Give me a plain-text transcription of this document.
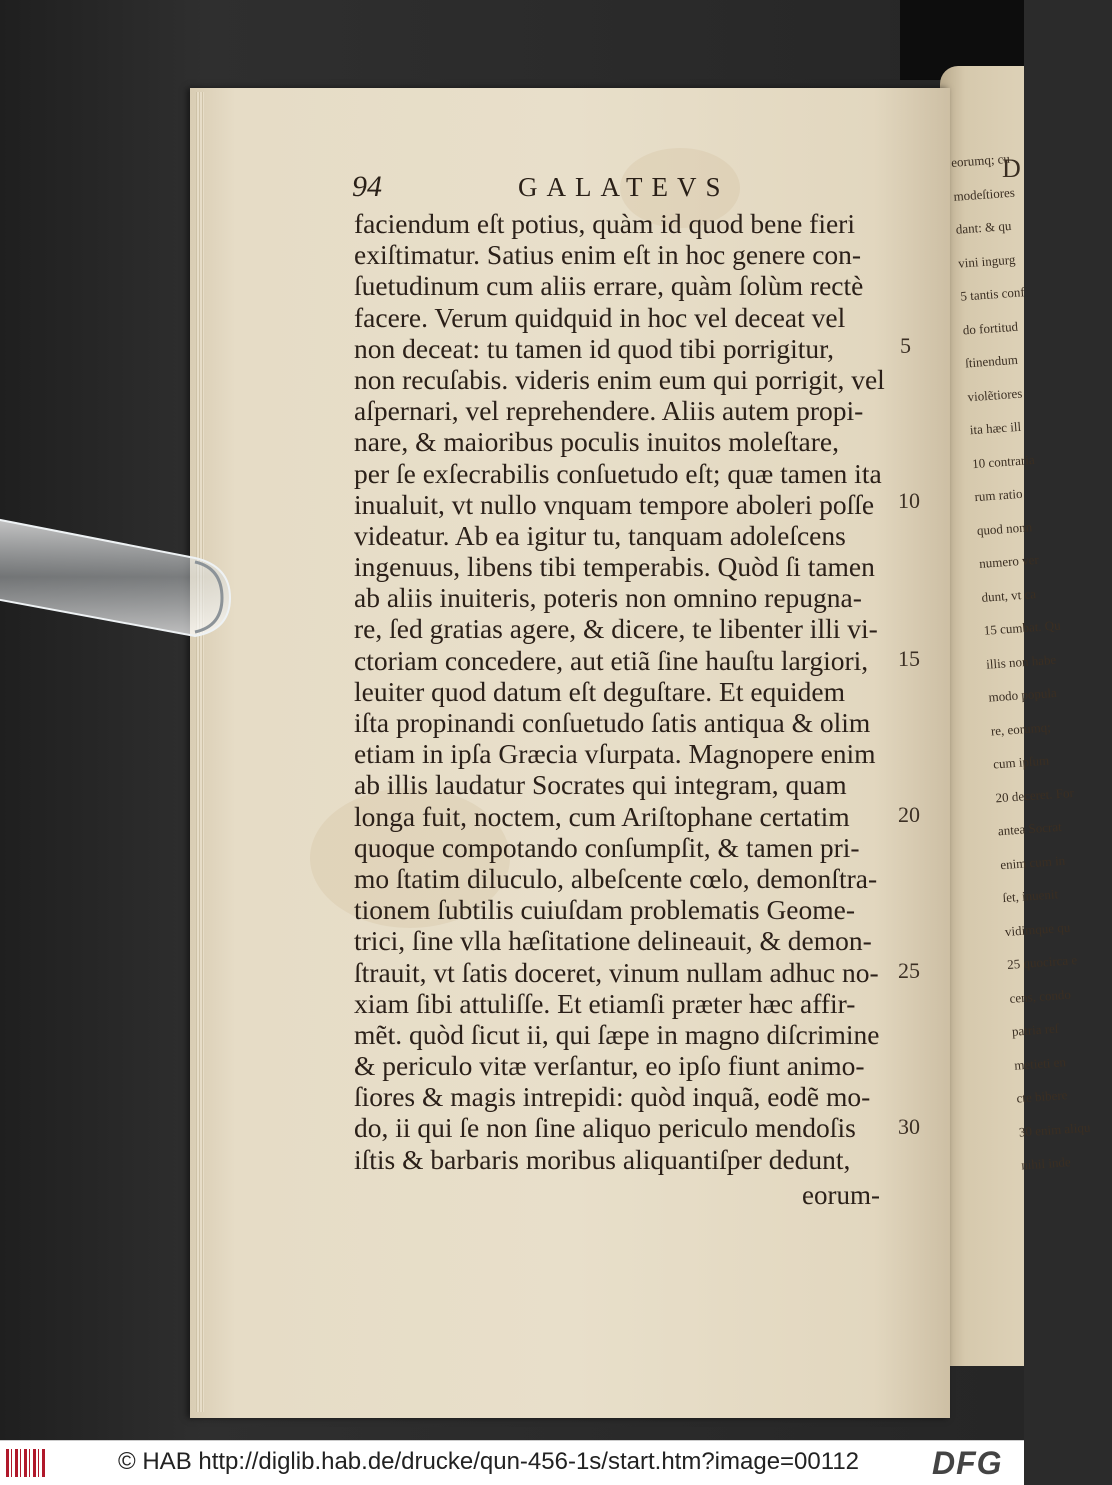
D
eorumq; cu
modeſtiores
dant: & qu
vini ingurg
5 tantis conf
do fortitud
ſtinendum
violẽtiores
ita hæc ill
10 contraria
rum ratio
quod nonn
numero ver
dunt, vt ca
15 cumbat. Qu
illis non habe
modo popula
re, eorumq;
cum ipſum
20 deceret. For
antea Socrat
enim cum in
ſet, inuenit
vidimque qu
25 quocirca e
cens, condo
patria reſ
metieti en
cte bibere
30 enim aliqu
nihil inde
94	GALATEVS
faciendum eſt potius, quàm id quod bene fieri
exiſtimatur. Satius enim eſt in hoc genere con-
ſuetudinum cum aliis errare, quàm ſolùm rectè
facere. Verum quidquid in hoc vel deceat vel
non deceat: tu tamen id quod tibi porrigitur,
non recuſabis. videris enim eum qui porrigit, vel
aſpernari, vel reprehendere. Aliis autem propi-
nare, & maioribus poculis inuitos moleſtare,
per ſe exſecrabilis conſuetudo eſt; quæ tamen ita
inualuit, vt nullo vnquam tempore aboleri poſſe
videatur. Ab ea igitur tu, tanquam adoleſcens
ingenuus, libens tibi temperabis. Quòd ſi tamen
ab aliis inuiteris, poteris non omnino repugna-
re, ſed gratias agere, & dicere, te libenter illi vi-
ctoriam concedere, aut etiã ſine hauſtu largiori,
leuiter quod datum eſt deguſtare. Et equidem
iſta propinandi conſuetudo ſatis antiqua & olim
etiam in ipſa Græcia vſurpata. Magnopere enim
ab illis laudatur Socrates qui integram, quam
longa fuit, noctem, cum Ariſtophane certatim
quoque compotando conſumpſit, & tamen pri-
mo ſtatim diluculo, albeſcente cœlo, demonſtra-
tionem ſubtilis cuiuſdam problematis Geome-
trici, ſine vlla hæſitatione delineauit, & demon-
ſtrauit, vt ſatis doceret, vinum nullam adhuc no-
xiam ſibi attuliſſe. Et etiamſi præter hæc affir-
mẽt. quòd ſicut ii, qui ſæpe in magno diſcrimine
& periculo vitæ verſantur, eo ipſo fiunt animo-
ſiores & magis intrepidi: quòd inquã, eodẽ mo-
do, ii qui ſe non ſine aliquo periculo mendoſis
iſtis & barbaris moribus aliquantiſper dedunt,
eorum-
5
10
15
20
25
30
© HAB http://diglib.hab.de/drucke/qun-456-1s/start.htm?image=00112 DFG
